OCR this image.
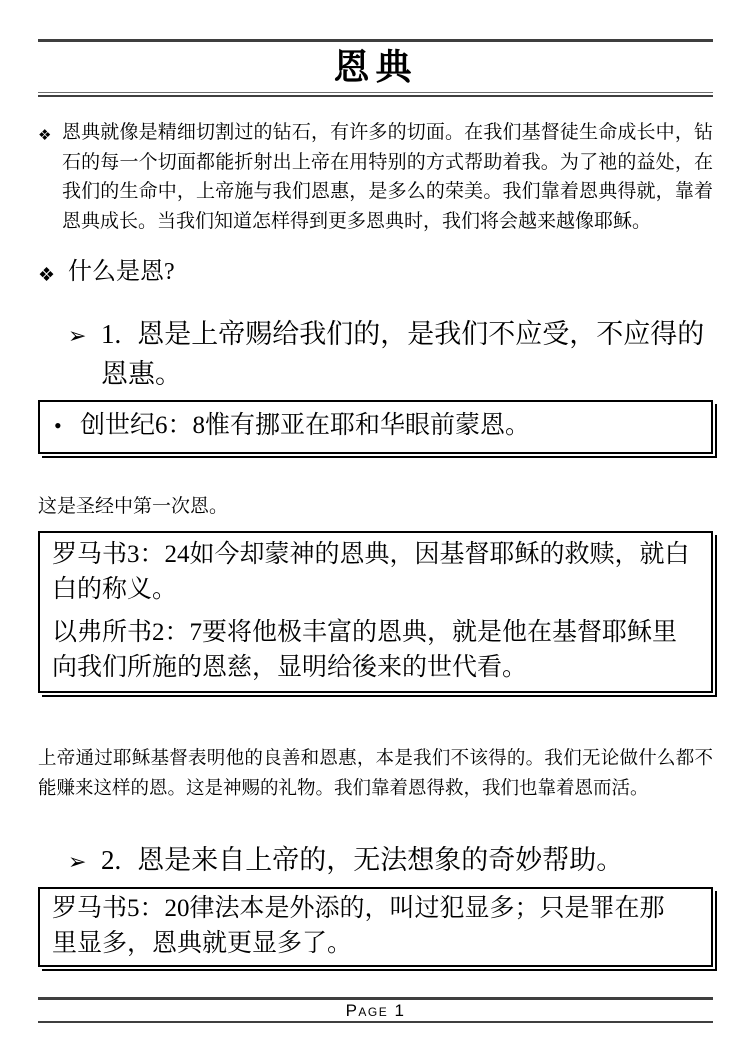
恩典
❖ 恩典就像是精细切割过的钻石，有许多的切面。在我们基督徒生命成长中，钻石的每一个切面都能折射出上帝在用特别的方式帮助着我。为了祂的益处，在我们的生命中，上帝施与我们恩惠，是多么的荣美。我们靠着恩典得就，靠着恩典成长。当我们知道怎样得到更多恩典时，我们将会越来越像耶稣。
❖ 什么是恩?
➢ 1. 恩是上帝赐给我们的，是我们不应受，不应得的恩惠。
• 创世纪6：8惟有挪亚在耶和华眼前蒙恩。
这是圣经中第一次恩。

罗马书3：24如今却蒙神的恩典，因基督耶稣的救赎，就白白的称义。

以弗所书2：7要将他极丰富的恩典，就是他在基督耶稣里向我们所施的恩慈，显明给後来的世代看。

上帝通过耶稣基督表明他的良善和恩惠，本是我们不该得的。我们无论做什么都不能赚来这样的恩。这是神赐的礼物。我们靠着恩得救，我们也靠着恩而活。
➢ 2. 恩是来自上帝的，无法想象的奇妙帮助。
罗马书5：20律法本是外添的，叫过犯显多；只是罪在那里显多，恩典就更显多了。
Page 1
